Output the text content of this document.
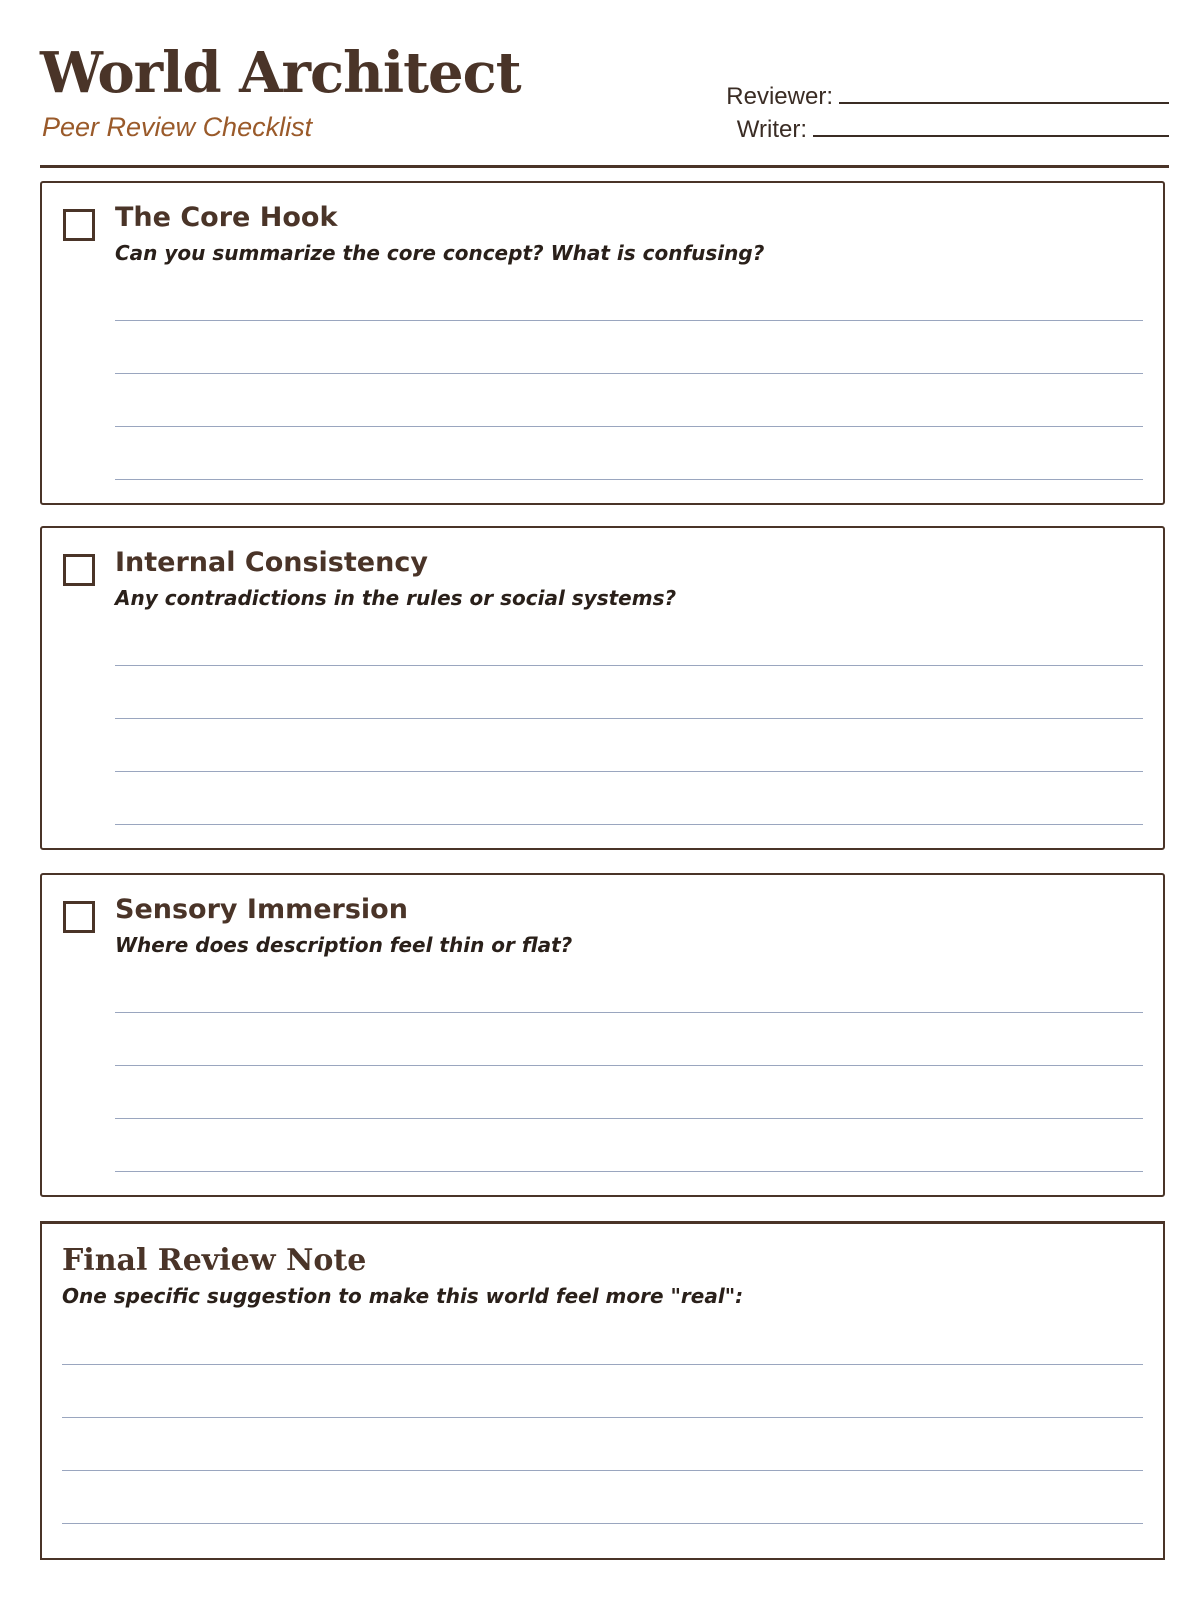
World Architect

Peer Review Checklist

Reviewer:
Writer:
The Core Hook

Can you summarize the core concept? What is confusing?

Internal Consistency

Any contradictions in the rules or social systems?

Sensory Immersion

Where does description feel thin or flat?

Final Review Note

One specific suggestion to make this world feel more "real":
